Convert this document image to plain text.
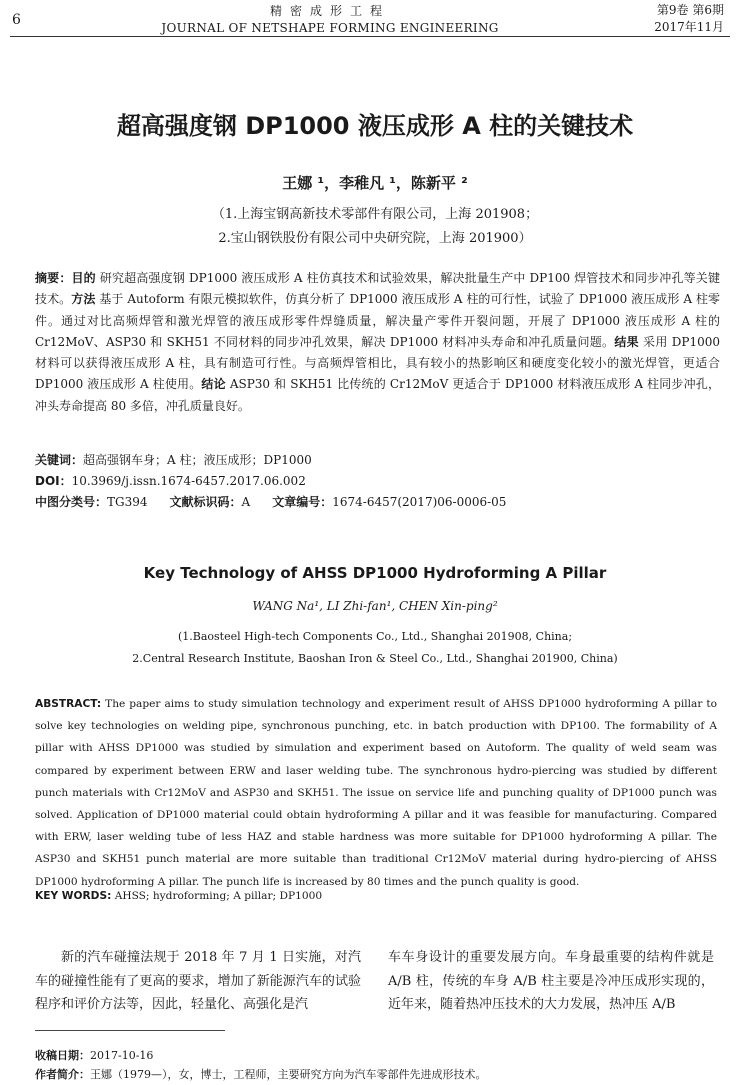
6
精密成形工程
JOURNAL OF NETSHAPE FORMING ENGINEERING
第9卷 第6期
2017年11月
超高强度钢 DP1000 液压成形 A 柱的关键技术
王娜 ¹，李稚凡 ¹，陈新平 ²
（1.上海宝钢高新技术零部件有限公司，上海 201908；
2.宝山钢铁股份有限公司中央研究院，上海 201900）
摘要：目的 研究超高强度钢 DP1000 液压成形 A 柱仿真技术和试验效果，解决批量生产中 DP100 焊管技术和同步冲孔等关键技术。方法 基于 Autoform 有限元模拟软件，仿真分析了 DP1000 液压成形 A 柱的可行性，试验了 DP1000 液压成形 A 柱零件。通过对比高频焊管和激光焊管的液压成形零件焊缝质量，解决量产零件开裂问题，开展了 DP1000 液压成形 A 柱的 Cr12MoV、ASP30 和 SKH51 不同材料的同步冲孔效果，解决 DP1000 材料冲头寿命和冲孔质量问题。结果 采用 DP1000 材料可以获得液压成形 A 柱，具有制造可行性。与高频焊管相比，具有较小的热影响区和硬度变化较小的激光焊管，更适合 DP1000 液压成形 A 柱使用。结论 ASP30 和 SKH51 比传统的 Cr12MoV 更适合于 DP1000 材料液压成形 A 柱同步冲孔，冲头寿命提高 80 多倍，冲孔质量良好。
关键词：超高强钢车身；A 柱；液压成形；DP1000
DOI：10.3969/j.issn.1674-6457.2017.06.002
中图分类号：TG394 文献标识码：A 文章编号：1674-6457(2017)06-0006-05
Key Technology of AHSS DP1000 Hydroforming A Pillar
WANG Na¹, LI Zhi-fan¹, CHEN Xin-ping²
(1.Baosteel High-tech Components Co., Ltd., Shanghai 201908, China;
2.Central Research Institute, Baoshan Iron & Steel Co., Ltd., Shanghai 201900, China)
ABSTRACT: The paper aims to study simulation technology and experiment result of AHSS DP1000 hydroforming A pillar to solve key technologies on welding pipe, synchronous punching, etc. in batch production with DP100. The formability of A pillar with AHSS DP1000 was studied by simulation and experiment based on Autoform. The quality of weld seam was compared by experiment between ERW and laser welding tube. The synchronous hydro-piercing was studied by different punch materials with Cr12MoV and ASP30 and SKH51. The issue on service life and punching quality of DP1000 punch was solved. Application of DP1000 material could obtain hydroforming A pillar and it was feasible for manufacturing. Compared with ERW, laser welding tube of less HAZ and stable hardness was more suitable for DP1000 hydroforming A pillar. The ASP30 and SKH51 punch material are more suitable than traditional Cr12MoV material during hydro-piercing of AHSS DP1000 hydroforming A pillar. The punch life is increased by 80 times and the punch quality is good.
KEY WORDS: AHSS; hydroforming; A pillar; DP1000
新的汽车碰撞法规于 2018 年 7 月 1 日实施，对汽车的碰撞性能有了更高的要求，增加了新能源汽车的试验程序和评价方法等，因此，轻量化、高强化是汽
车车身设计的重要发展方向。车身最重要的结构件就是 A/B 柱，传统的车身 A/B 柱主要是冷冲压成形实现的，近年来，随着热冲压技术的大力发展，热冲压 A/B
收稿日期：2017-10-16
作者简介：王娜（1979—），女，博士，工程师，主要研究方向为汽车零部件先进成形技术。
